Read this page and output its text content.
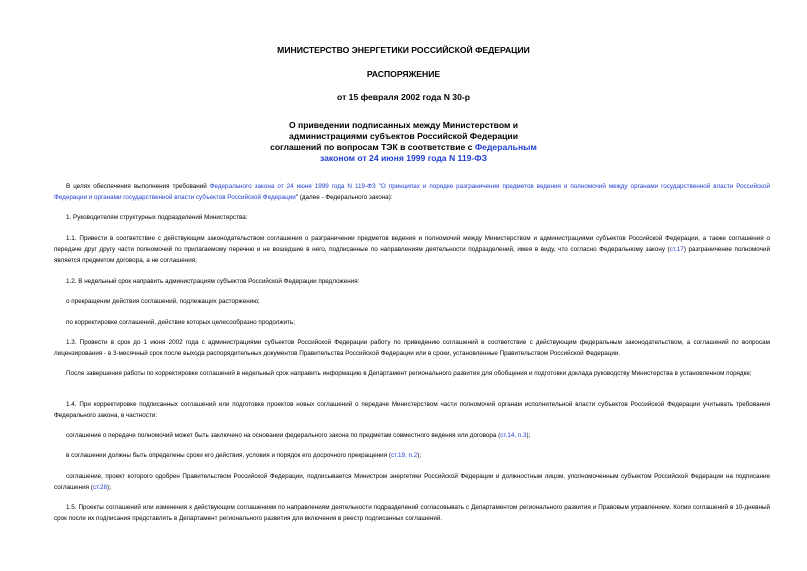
МИНИСТЕРСТВО ЭНЕРГЕТИКИ РОССИЙСКОЙ ФЕДЕРАЦИИ
РАСПОРЯЖЕНИЕ
от 15 февраля 2002 года N 30-р
О приведении подписанных между Министерством и
администрациями субъектов Российской Федерации
соглашений по вопросам ТЭК в соответствие с Федеральным
законом от 24 июня 1999 года N 119-ФЗ

В целях обеспечения выполнения требований Федерального закона от 24 июня 1999 года N 119-ФЗ "О принципах и порядке разграничения предметов ведения и полномочий между органами государственной власти Российской Федерации и органами государственной власти субъектов Российской Федерации" (далее - Федерального закона):

1. Руководителям структурных подразделений Министерства:

1.1. Привести в соответствие с действующим законодательством соглашения о разграничении предметов ведения и полномочий между Министерством и администрациями субъектов Российской Федерации, а также соглашения о передаче друг другу части полномочий по прилагаемому перечню и не вошедшие в него, подписанные по направлениям деятельности подразделений, имея в виду, что согласно Федеральному закону (ст.17) разграничение полномочий является предметом договора, а не соглашения;

1.2. В недельный срок направить администрациям субъектов Российской Федерации предложения:

о прекращении действия соглашений, подлежащих расторжению;

по корректировке соглашений, действие которых целесообразно продолжить;

1.3. Провести в срок до 1 июня 2002 года с администрациями субъектов Российской Федерации работу по приведению соглашений в соответствие с действующим федеральным законодательством, а соглашений по вопросам лицензирования - в 3-месячный срок после выхода распорядительных документов Правительства Российской Федерации или в сроки, установленные Правительством Российской Федерации.

После завершения работы по корректировке соглашений в недельный срок направить информацию в Департамент регионального развития для обобщения и подготовки доклада руководству Министерства в установленном порядке;

1.4. При корректировке подписанных соглашений или подготовке проектов новых соглашений о передаче Министерством части полномочий органам исполнительной власти субъектов Российской Федерации учитывать требования Федерального закона, в частности:

соглашение о передаче полномочий может быть заключено на основании федерального закона по предметам совместного ведения или договора (ст.14, п.3);

в соглашении должны быть определены сроки его действия, условия и порядок его досрочного прекращения (ст.19, п.2);

соглашение, проект которого одобрен Правительством Российской Федерации, подписывается Министром энергетики Российской Федерации и должностным лицом, уполномоченным субъектом Российской Федерации на подписание соглашения (ст.26);

1.5. Проекты соглашений или изменения к действующим соглашениям по направлениям деятельности подразделений согласовывать с Департаментом регионального развития и Правовым управлением. Копии соглашений в 10-дневный срок после их подписания представлять в Департамент регионального развития для включения в реестр подписанных соглашений.
